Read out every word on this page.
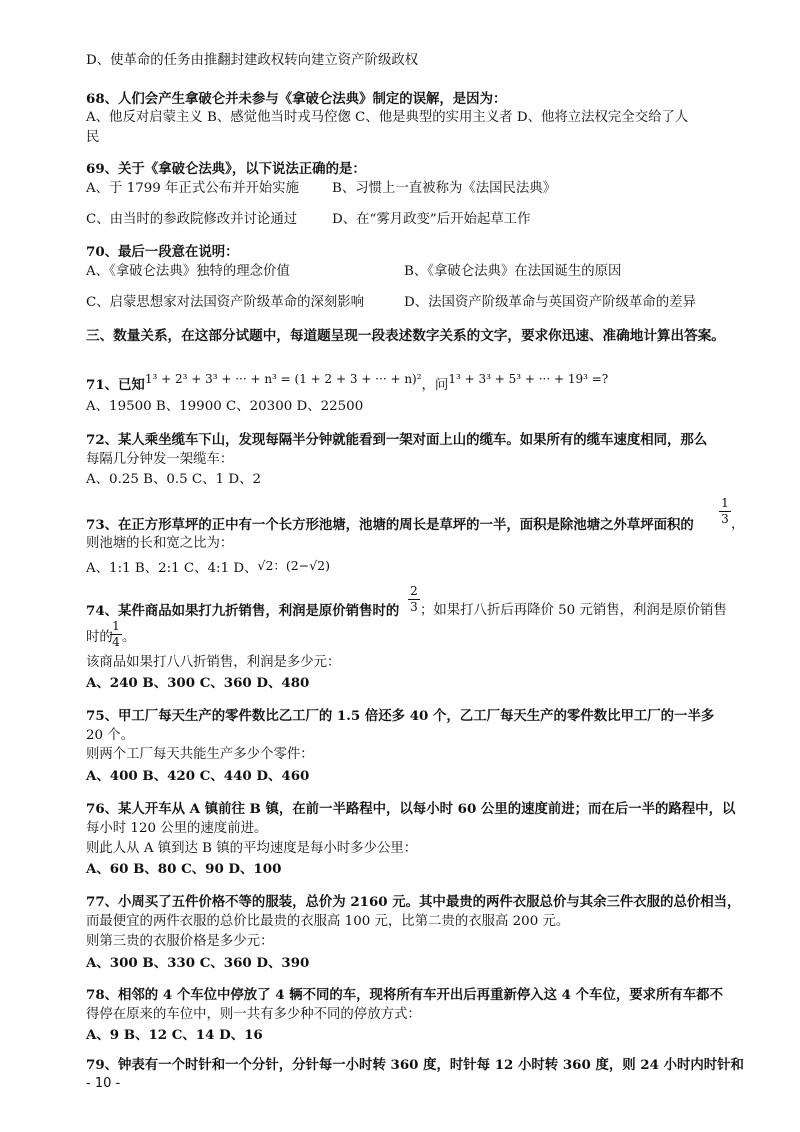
D、使革命的任务由推翻封建政权转向建立资产阶级政权
68、人们会产生拿破仑并未参与《拿破仑法典》制定的误解，是因为：
A、他反对启蒙主义 B、感觉他当时戎马倥偬 C、他是典型的实用主义者 D、他将立法权完全交给了人
民
69、关于《拿破仑法典》，以下说法正确的是：
A、于 1799 年正式公布并开始实施 B、习惯上一直被称为《法国民法典》
C、由当时的参政院修改并讨论通过	D、在“雾月政变”后开始起草工作
70、最后一段意在说明：
A、《拿破仑法典》独特的理念价值	B、《拿破仑法典》在法国诞生的原因
C、启蒙思想家对法国资产阶级革命的深刻影响	D、法国资产阶级革命与英国资产阶级革命的差异
三、数量关系，在这部分试题中，每道题呈现一段表述数字关系的文字，要求你迅速、准确地计算出答案。
71、已知1³ + 2³ + 3³ + ··· + n³ = (1 + 2 + 3 + ··· + n)²，问1³ + 3³ + 5³ + ··· + 19³ =?
A、19500 B、19900 C、20300 D、22500
72、某人乘坐缆车下山，发现每隔半分钟就能看到一架对面上山的缆车。如果所有的缆车速度相同，那么
每隔几分钟发一架缆车：
A、0.25 B、0.5 C、1 D、2
73、在正方形草坪的正中有一个长方形池塘，池塘的周长是草坪的一半，面积是除池塘之外草坪面积的
1
3 ，
则池塘的长和宽之比为：
A、1:1 B、2:1 C、4:1 D、√2：(2−√2)
74、某件商品如果打九折销售，利润是原价销售时的
2
3 ；如果打八折后再降价 50 元销售，利润是原价销售
时的
1
4 。
该商品如果打八八折销售，利润是多少元：
A、240 B、300 C、360 D、480
75、甲工厂每天生产的零件数比乙工厂的 1.5 倍还多 40 个，乙工厂每天生产的零件数比甲工厂的一半多
20 个。
则两个工厂每天共能生产多少个零件：
A、400 B、420 C、440 D、460
76、某人开车从 A 镇前往 B 镇，在前一半路程中，以每小时 60 公里的速度前进；而在后一半的路程中，以
每小时 120 公里的速度前进。
则此人从 A 镇到达 B 镇的平均速度是每小时多少公里：
A、60 B、80 C、90 D、100
77、小周买了五件价格不等的服装，总价为 2160 元。其中最贵的两件衣服总价与其余三件衣服的总价相当，
而最便宜的两件衣服的总价比最贵的衣服高 100 元，比第二贵的衣服高 200 元。
则第三贵的衣服价格是多少元：
A、300 B、330 C、360 D、390
78、相邻的 4 个车位中停放了 4 辆不同的车，现将所有车开出后再重新停入这 4 个车位，要求所有车都不
得停在原来的车位中，则一共有多少种不同的停放方式：
A、9 B、12 C、14 D、16
79、钟表有一个时针和一个分针，分针每一小时转 360 度，时针每 12 小时转 360 度，则 24 小时内时针和
- 10 -
